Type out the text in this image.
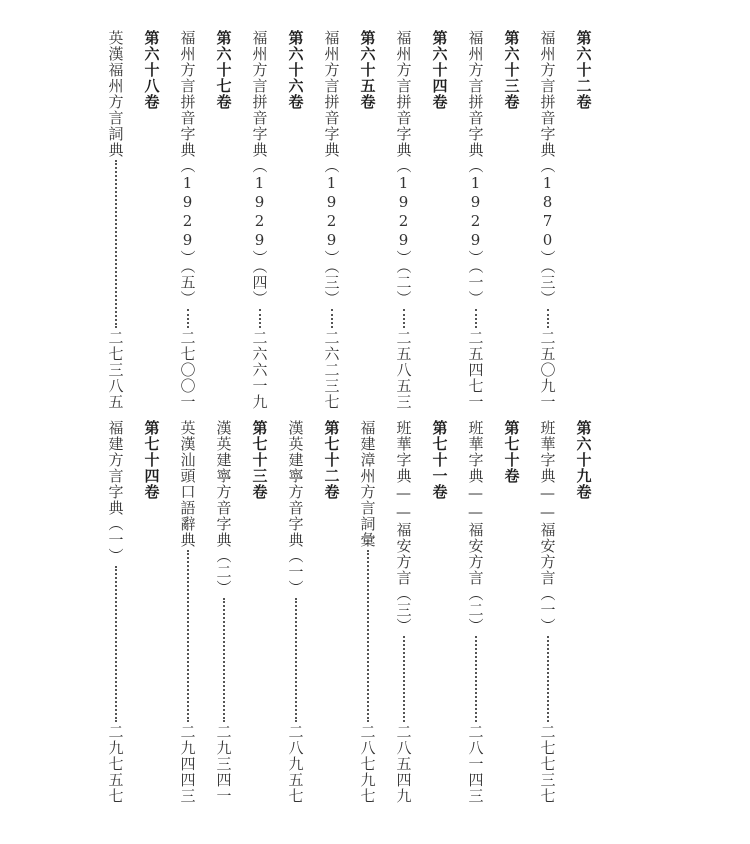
第六十二卷
福州方言拼音字典（1870）（三）
二五〇九一
第六十三卷
福州方言拼音字典（1929）（一）
二五四七一
第六十四卷
福州方言拼音字典（1929）（二）
二五八五三
第六十五卷
福州方言拼音字典（1929）（三）
二六二三七
第六十六卷
福州方言拼音字典（1929）（四）
二六六一九
第六十七卷
福州方言拼音字典（1929）（五）
二七〇〇一
第六十八卷
英漢福州方言詞典
二七三八五
第六十九卷
班華字典——福安方言（一）
二七七三七
第七十卷
班華字典——福安方言（二）
二八一四三
第七十一卷
班華字典——福安方言（三）
二八五四九
福建漳州方言詞彙
二八七九七
第七十二卷
漢英建寧方音字典（一）
二八九五七
第七十三卷
漢英建寧方音字典（二）
二九三四一
英漢汕頭口語辭典
二九四四三
第七十四卷
福建方言字典（一）
二九七五七
